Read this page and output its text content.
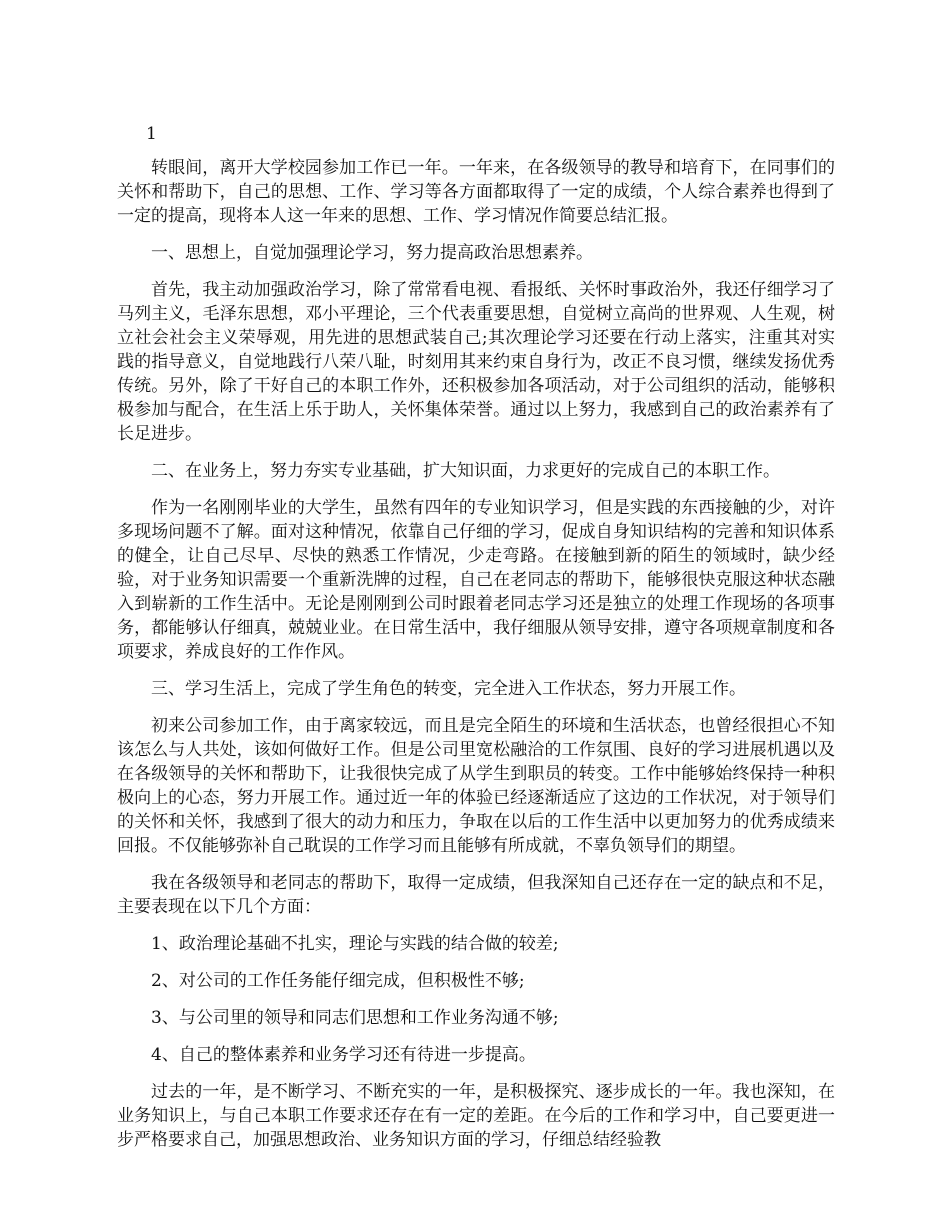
1

转眼间，离开大学校园参加工作已一年。一年来，在各级领导的教导和培育下，在同事们的关怀和帮助下，自己的思想、工作、学习等各方面都取得了一定的成绩，个人综合素养也得到了一定的提高，现将本人这一年来的思想、工作、学习情况作简要总结汇报。

一、思想上，自觉加强理论学习，努力提高政治思想素养。

首先，我主动加强政治学习，除了常常看电视、看报纸、关怀时事政治外，我还仔细学习了马列主义，毛泽东思想，邓小平理论，三个代表重要思想，自觉树立高尚的世界观、人生观，树立社会社会主义荣辱观，用先进的思想武装自己;其次理论学习还要在行动上落实，注重其对实践的指导意义，自觉地践行八荣八耻，时刻用其来约束自身行为，改正不良习惯，继续发扬优秀传统。另外，除了干好自己的本职工作外，还积极参加各项活动，对于公司组织的活动，能够积极参加与配合，在生活上乐于助人，关怀集体荣誉。通过以上努力，我感到自己的政治素养有了长足进步。

二、在业务上，努力夯实专业基础，扩大知识面，力求更好的完成自己的本职工作。

作为一名刚刚毕业的大学生，虽然有四年的专业知识学习，但是实践的东西接触的少，对许多现场问题不了解。面对这种情况，依靠自己仔细的学习，促成自身知识结构的完善和知识体系的健全，让自己尽早、尽快的熟悉工作情况，少走弯路。在接触到新的陌生的领域时，缺少经验，对于业务知识需要一个重新洗牌的过程，自己在老同志的帮助下，能够很快克服这种状态融入到崭新的工作生活中。无论是刚刚到公司时跟着老同志学习还是独立的处理工作现场的各项事务，都能够认仔细真，兢兢业业。在日常生活中，我仔细服从领导安排，遵守各项规章制度和各项要求，养成良好的工作作风。

三、学习生活上，完成了学生角色的转变，完全进入工作状态，努力开展工作。

初来公司参加工作，由于离家较远，而且是完全陌生的环境和生活状态，也曾经很担心不知该怎么与人共处，该如何做好工作。但是公司里宽松融洽的工作氛围、良好的学习进展机遇以及在各级领导的关怀和帮助下，让我很快完成了从学生到职员的转变。工作中能够始终保持一种积极向上的心态，努力开展工作。通过近一年的体验已经逐渐适应了这边的工作状况，对于领导们的关怀和关怀，我感到了很大的动力和压力，争取在以后的工作生活中以更加努力的优秀成绩来回报。不仅能够弥补自己耽误的工作学习而且能够有所成就，不辜负领导们的期望。

我在各级领导和老同志的帮助下，取得一定成绩，但我深知自己还存在一定的缺点和不足，主要表现在以下几个方面：

1、政治理论基础不扎实，理论与实践的结合做的较差;

2、对公司的工作任务能仔细完成，但积极性不够;

3、与公司里的领导和同志们思想和工作业务沟通不够;

4、自己的整体素养和业务学习还有待进一步提高。

过去的一年，是不断学习、不断充实的一年，是积极探究、逐步成长的一年。我也深知，在业务知识上，与自己本职工作要求还存在有一定的差距。在今后的工作和学习中，自己要更进一步严格要求自己，加强思想政治、业务知识方面的学习，仔细总结经验教
